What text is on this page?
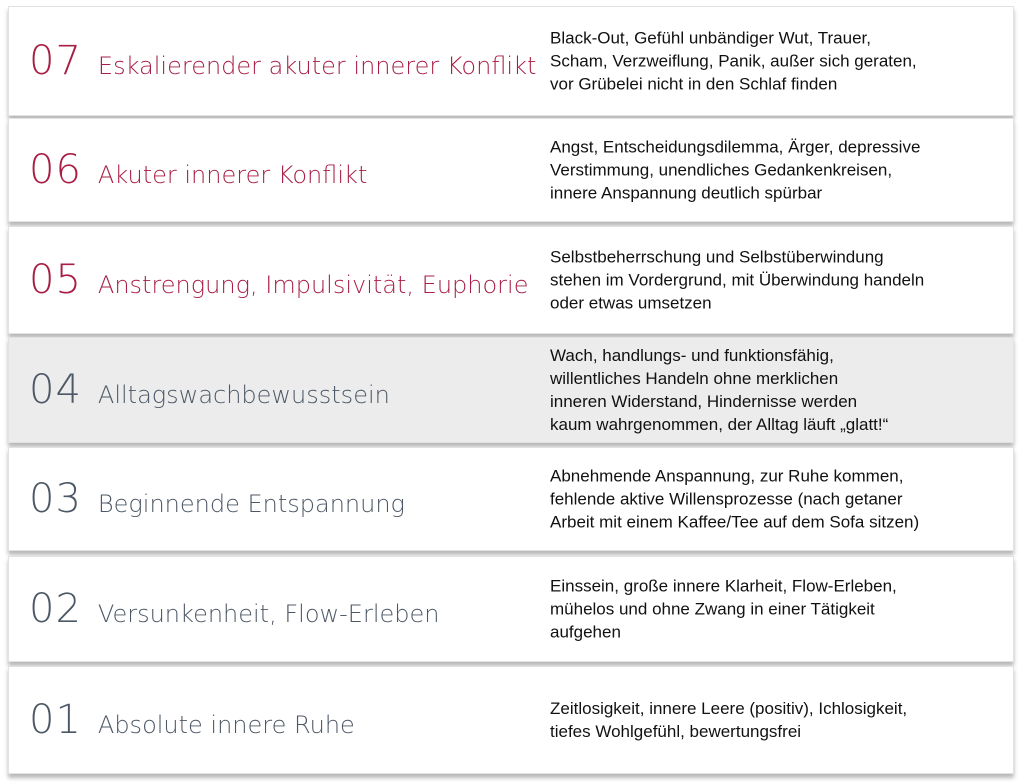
07 Eskalierender akuter innerer Konflikt

Black-Out, Gefühl unbändiger Wut, Trauer,
Scham, Verzweiflung, Panik, außer sich geraten,
vor Grübelei nicht in den Schlaf finden

06 Akuter innerer Konflikt

Angst, Entscheidungsdilemma, Ärger, depressive
Verstimmung, unendliches Gedankenkreisen,
innere Anspannung deutlich spürbar

05 Anstrengung, Impulsivität, Euphorie

Selbstbeherrschung und Selbstüberwindung
stehen im Vordergrund, mit Überwindung handeln
oder etwas umsetzen

04 Alltagswachbewusstsein

Wach, handlungs- und funktionsfähig,
willentliches Handeln ohne merklichen
inneren Widerstand, Hindernisse werden
kaum wahrgenommen, der Alltag läuft „glatt!“

03 Beginnende Entspannung

Abnehmende Anspannung, zur Ruhe kommen,
fehlende aktive Willensprozesse (nach getaner
Arbeit mit einem Kaffee/Tee auf dem Sofa sitzen)

02 Versunkenheit, Flow-Erleben

Einssein, große innere Klarheit, Flow-Erleben,
mühelos und ohne Zwang in einer Tätigkeit
aufgehen

01 Absolute innere Ruhe

Zeitlosigkeit, innere Leere (positiv), Ichlosigkeit,
tiefes Wohlgefühl, bewertungsfrei
